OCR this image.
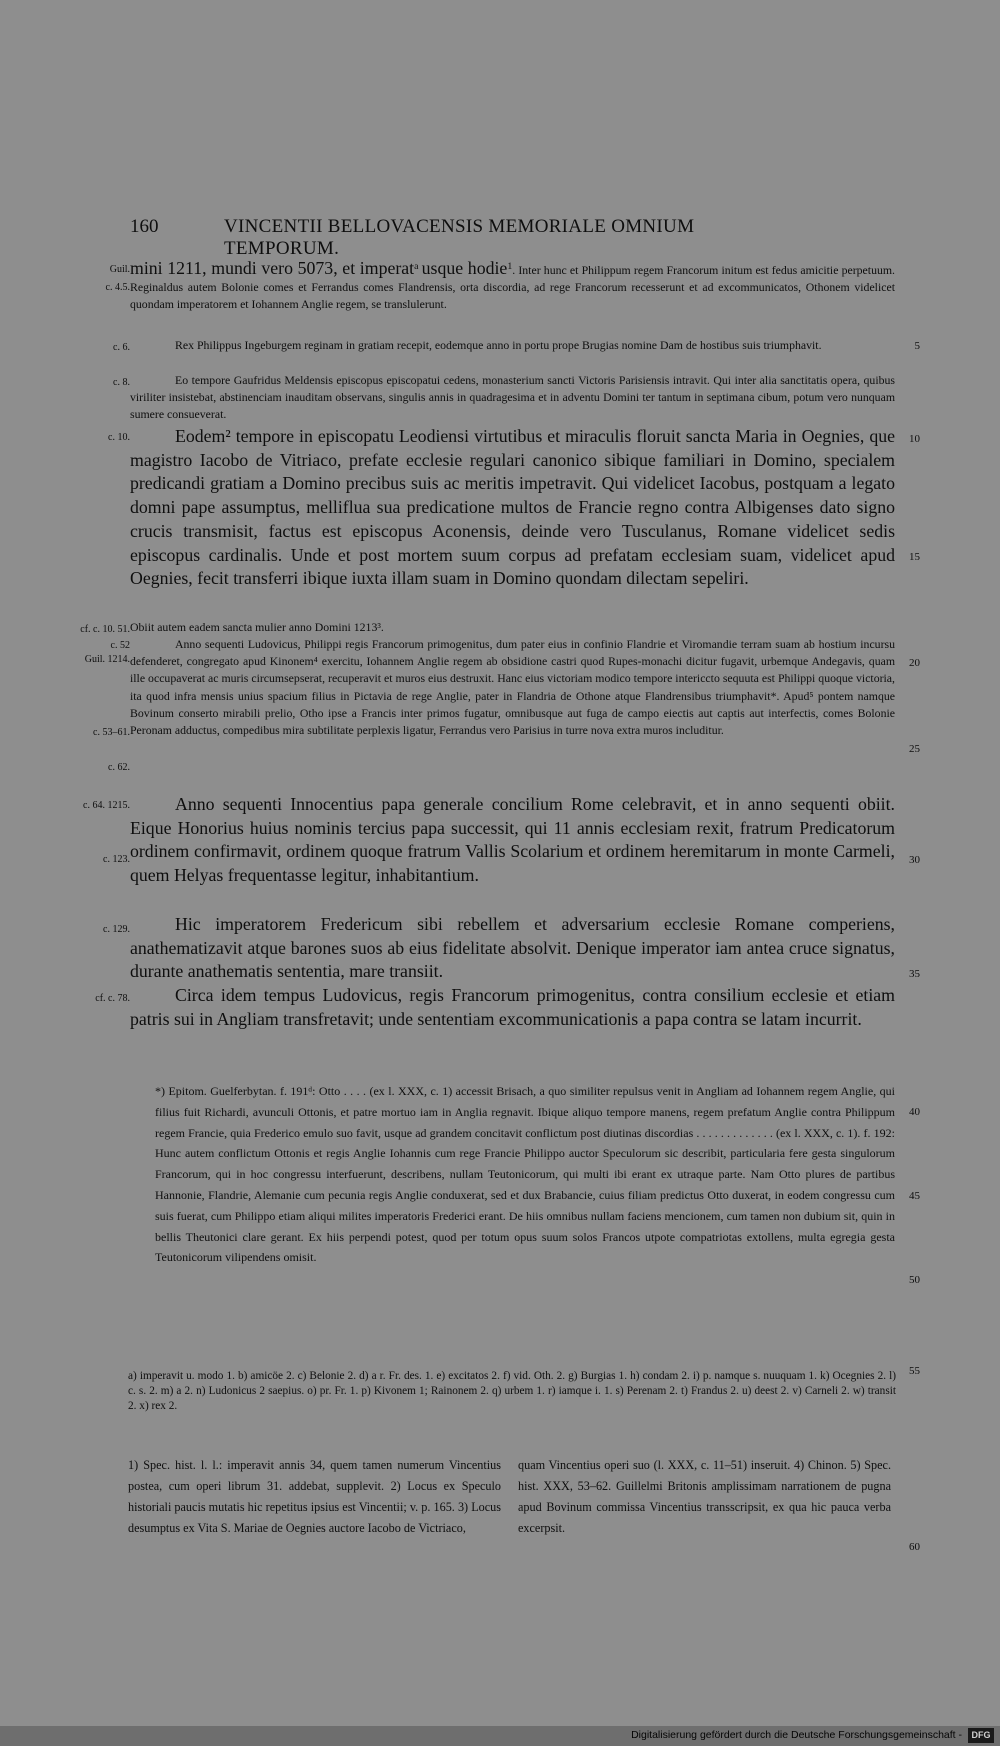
160	VINCENTII BELLOVACENSIS MEMORIALE OMNIUM TEMPORUM.
Guil.
c. 4.5.
c. 6.
c. 8.
c. 10.
cf. c. 10. 51.
c. 52
Guil. 1214.
c. 53–61.
c. 62.
c. 64. 1215.
c. 123.
c. 129.
cf. c. 78.
5
10
15
20
25
30
35
40
45
50
55
60
mini 1211, mundi vero 5073, et imperat$^a$ usque hodie$^1$. Inter hunc et Philippum regem Francorum initum est fedus amicitie perpetuum. Reginaldus autem Bolonie comes et Ferrandus comes Flandrensis, orta discordia, ad rege Francorum recesserunt et ad excommunicatos, Othonem videlicet quondam imperatorem et Iohannem Anglie regem, se translulerunt.
Rex Philippus Ingeburgem reginam in gratiam recepit, eodemque anno in portu prope Brugias nomine Dam de hostibus suis triumphavit.
Eo tempore Gaufridus Meldensis episcopus episcopatui cedens, monasterium sancti Victoris Parisiensis intravit. Qui inter alia sanctitatis opera, quibus viriliter insistebat, abstinenciam inauditam observans, singulis annis in quadragesima et in adventu Domini ter tantum in septimana cibum, potum vero nunquam sumere consueverat.
Eodem² tempore in episcopatu Leodiensi virtutibus et miraculis floruit sancta Maria in Oegnies, que magistro Iacobo de Vitriaco, prefate ecclesie regulari canonico sibique familiari in Domino, specialem predicandi gratiam a Domino precibus suis ac meritis impetravit. Qui videlicet Iacobus, postquam a legato domni pape assumptus, melliflua sua predicatione multos de Francie regno contra Albigenses dato signo crucis transmisit, factus est episcopus Aconensis, deinde vero Tusculanus, Romane videlicet sedis episcopus cardinalis. Unde et post mortem suum corpus ad prefatam ecclesiam suam, videlicet apud Oegnies, fecit transferri ibique iuxta illam suam in Domino quondam dilectam sepeliri.
Obiit autem eadem sancta mulier anno Domini 1213³.
Anno sequenti Ludovicus, Philippi regis Francorum primogenitus, dum pater eius in confinio Flandrie et Viromandie terram suam ab hostium incursu defenderet, congregato apud Kinonem⁴ exercitu, Iohannem Anglie regem ab obsidione castri quod Rupes-monachi dicitur fugavit, urbemque Andegavis, quam ille occupaverat ac muris circumsepserat, recuperavit et muros eius destruxit. Hanc eius victoriam modico tempore intericcto sequuta est Philippi quoque victoria, ita quod infra mensis unius spacium filius in Pictavia de rege Anglie, pater in Flandria de Othone atque Flandrensibus triumphavit*. Apud⁵ pontem namque Bovinum conserto mirabili prelio, Otho ipse a Francis inter primos fugatur, omnibusque aut fuga de campo eiectis aut captis aut interfectis, comes Bolonie Peronam adductus, compedibus mira subtilitate perplexis ligatur, Ferrandus vero Parisius in turre nova extra muros includitur.
Anno sequenti Innocentius papa generale concilium Rome celebravit, et in anno sequenti obiit. Eique Honorius huius nominis tercius papa successit, qui 11 annis ecclesiam rexit, fratrum Predicatorum ordinem confirmavit, ordinem quoque fratrum Vallis Scolarium et ordinem heremitarum in monte Carmeli, quem Helyas frequentasse legitur, inhabitantium.
Hic imperatorem Fredericum sibi rebellem et adversarium ecclesie Romane comperiens, anathematizavit atque barones suos ab eius fidelitate absolvit. Denique imperator iam antea cruce signatus, durante anathematis sententia, mare transiit.
Circa idem tempus Ludovicus, regis Francorum primogenitus, contra consilium ecclesie et etiam patris sui in Angliam transfretavit; unde sententiam excommunicationis a papa contra se latam incurrit.
*) Epitom. Guelferbytan. f. 191ᵈ: Otto . . . . (ex l. XXX, c. 1) accessit Brisach, a quo similiter repulsus venit in Angliam ad Iohannem regem Anglie, qui filius fuit Richardi, avunculi Ottonis, et patre mortuo iam in Anglia regnavit. Ibique aliquo tempore manens, regem prefatum Anglie contra Philippum regem Francie, quia Frederico emulo suo favit, usque ad grandem concitavit conflictum post diutinas discordias . . . . . . . . . . . . . (ex l. XXX, c. 1). f. 192: Hunc autem conflictum Ottonis et regis Anglie Iohannis cum rege Francie Philippo auctor Speculorum sic describit, particularia fere gesta singulorum Francorum, qui in hoc congressu interfuerunt, describens, nullam Teutonicorum, qui multi ibi erant ex utraque parte. Nam Otto plures de partibus Hannonie, Flandrie, Alemanie cum pecunia regis Anglie conduxerat, sed et dux Brabancie, cuius filiam predictus Otto duxerat, in eodem congressu cum suis fuerat, cum Philippo etiam aliqui milites imperatoris Frederici erant. De hiis omnibus nullam faciens mencionem, cum tamen non dubium sit, quin in bellis Theutonici clare gerant. Ex hiis perpendi potest, quod per totum opus suum solos Francos utpote compatriotas extollens, multa egregia gesta Teutonicorum vilipendens omisit.
a) imperavit u. modo 1. b) amicöe 2. c) Belonie 2. d) a r. Fr. des. 1. e) excitatos 2. f) vid. Oth. 2. g) Burgias 1. h) condam 2. i) p. namque s. nuuquam 1. k) Ocegnies 2. l) c. s. 2. m) a 2. n) Ludonicus 2 saepius. o) pr. Fr. 1. p) Kivonem 1; Rainonem 2. q) urbem 1. r) iamque i. 1. s) Perenam 2. t) Frandus 2. u) deest 2. v) Carneli 2. w) transit 2. x) rex 2.
1) Spec. hist. l. l.: imperavit annis 34, quem tamen numerum Vincentius postea, cum operi librum 31. addebat, supplevit. 2) Locus ex Speculo historiali paucis mutatis hic repetitus ipsius est Vincentii; v. p. 165. 3) Locus desumptus ex Vita S. Mariae de Oegnies auctore Iacobo de Victriaco,
quam Vincentius operi suo (l. XXX, c. 11–51) inseruit. 4) Chinon. 5) Spec. hist. XXX, 53–62. Guillelmi Britonis amplissimam narrationem de pugna apud Bovinum commissa Vincentius transscripsit, ex qua hic pauca verba excerpsit.
Digitalisierung gefördert durch die Deutsche Forschungsgemeinschaft -	DFG
